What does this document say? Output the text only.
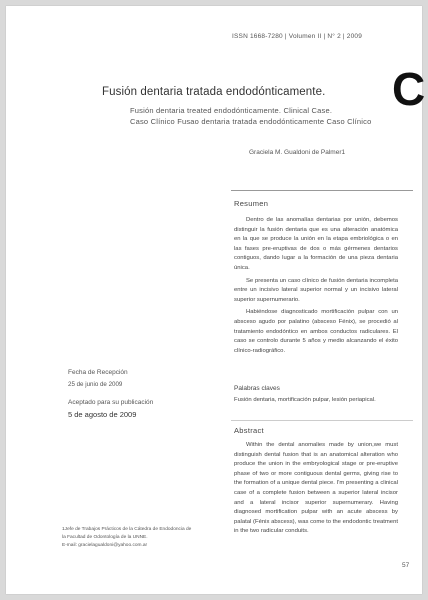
ISSN 1668-7280 | Volumen II | N° 2 | 2009
C
Fusión dentaria tratada endodónticamente.
Fusión dentaria treated endodónticamente. Clinical Case.
Caso Clínico Fusao dentaria tratada endodónticamente Caso Clínico
Graciela M. Gualdoni de Palmer1
Resumen

Dentro de las anomalías dentarias por unión, debemos distinguir la fusión dentaria que es una alteración anatómica en la que se produce la unión en la etapa embriológica o en las fases pre-eruptivas de dos o más gérmenes dentarios contiguos, dando lugar a la formación de una pieza dentaria única.

Se presenta un caso clínico de fusión dentaria incompleta entre un incisivo lateral superior normal y un incisivo lateral superior supernumerario.

Habiéndose diagnosticado mortificación pulpar con un absceso agudo por palatino (absceso Fénix), se procedió al tratamiento endodóntico en ambos conductos radiculares. El caso se controlo durante 5 años y medio alcanzando el éxito clínico-radiográfico.

Palabras claves
Fusión dentaria, mortificación pulpar, lesión periapical.
Abstract

Within the dental anomalies made by union,we must distinguish dental fusion that is an anatomical alteration who produce the union in the embryological stage or pre-eruptive phase of two or more contiguous dental germs, giving rise to the formation of a unique dental piece. I'm presenting a clinical case of a complete fusion between a superior lateral incisor and a lateral incisor superior supernumerary. Having diagnosed mortification pulpar with an acute abscess by palatal (Fénix abscess), was come to the endodontic treatment in the two radicular conduits.

Fecha de Recepción
25 de junio de 2009
Aceptado para su publicación
5 de agosto de 2009
1Jefe de Trabajos Prácticos de la Cátedra de Endodoncia de
la Facultad de Odontología de la UNNE.
E-mail: gracielagualdoni@yahoo.com.ar
57
